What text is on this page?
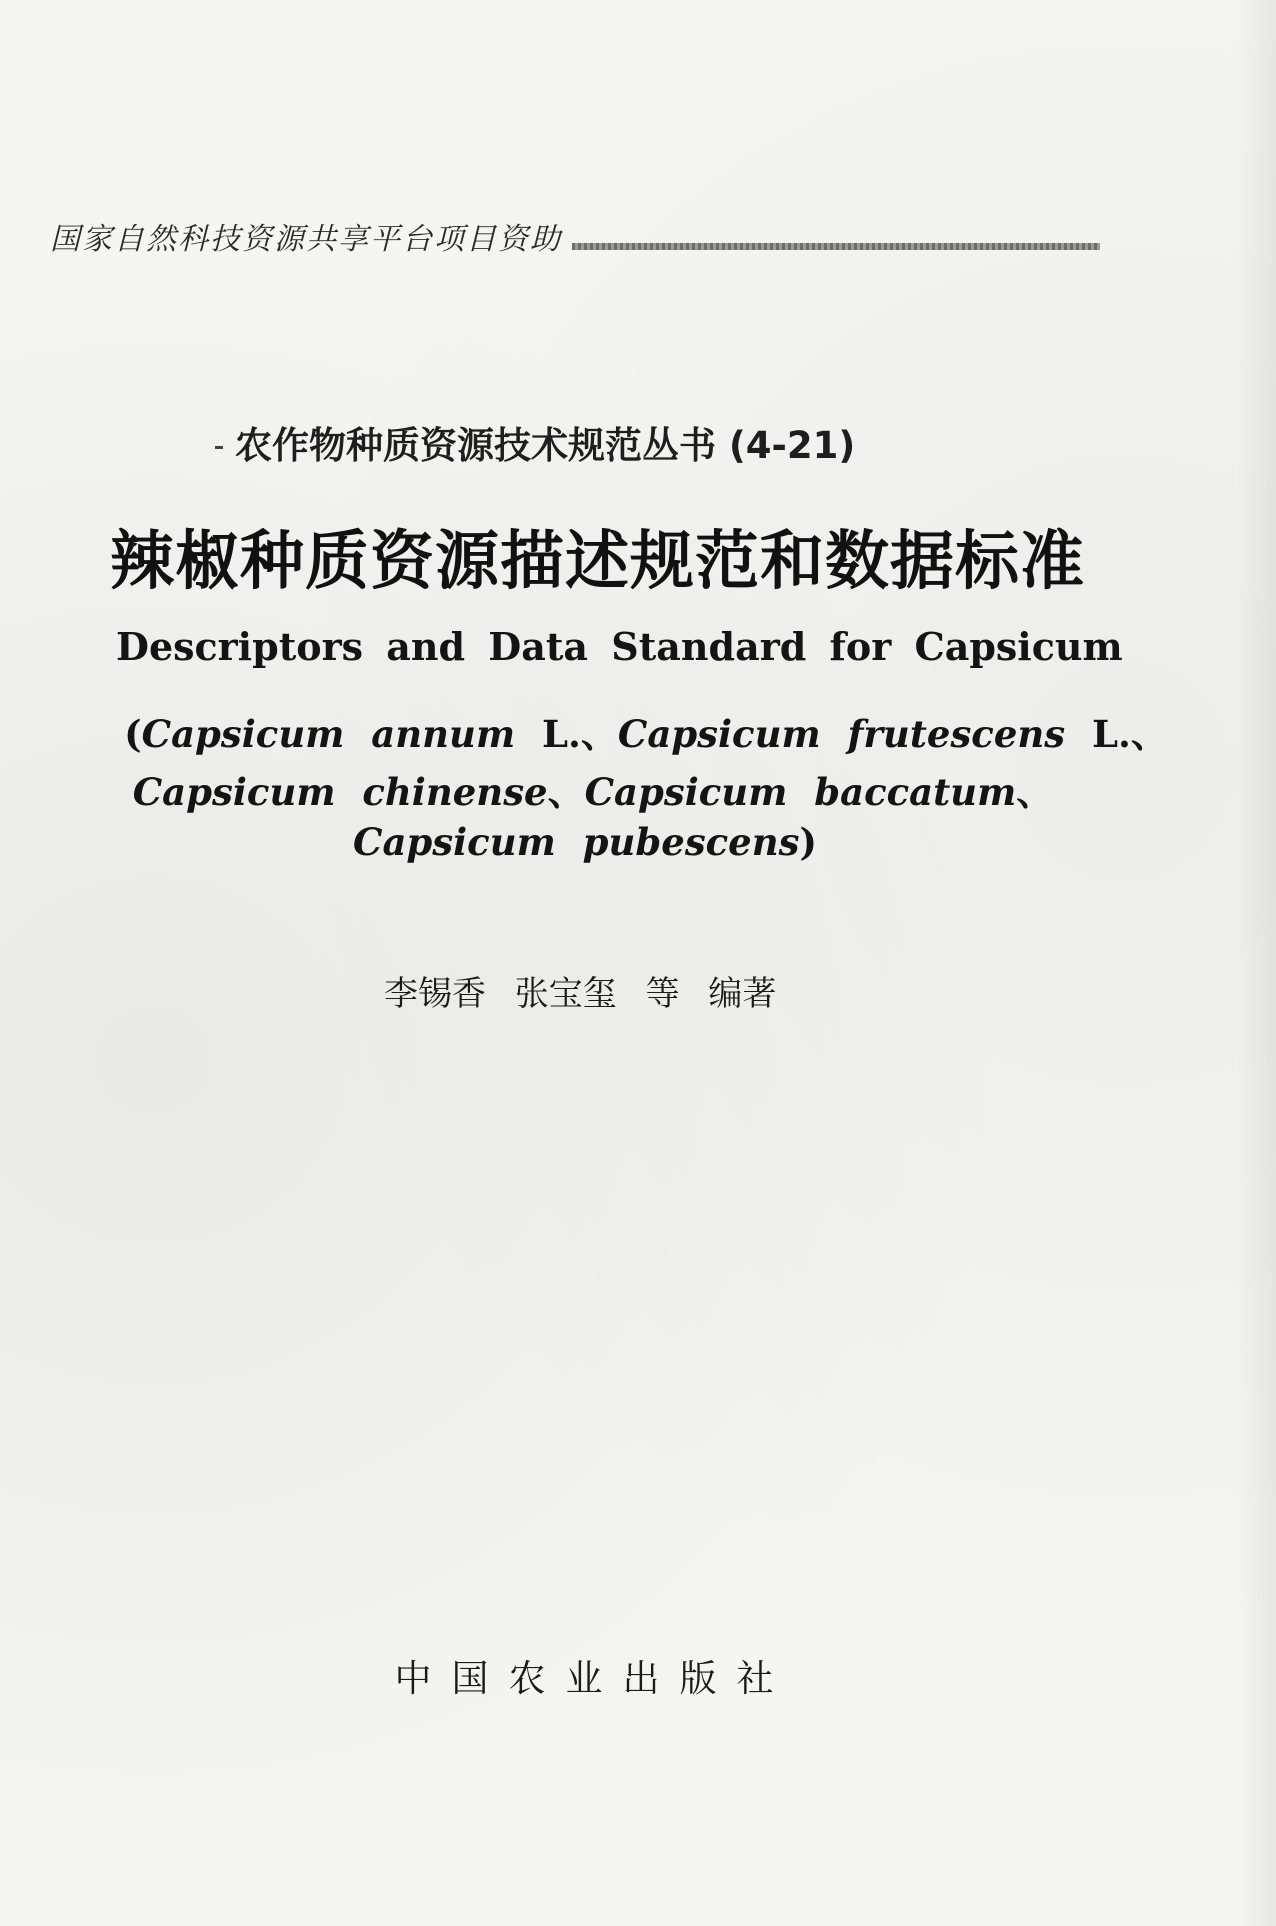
国家自然科技资源共享平台项目资助
农作物种质资源技术规范丛书 (4-21)
辣椒种质资源描述规范和数据标准
Descriptors and Data Standard for Capsicum
(Capsicum annum L.、Capsicum frutescens L.、
Capsicum chinense、Capsicum baccatum、
Capsicum pubescens)
李锡香 张宝玺 等 编著
中国农业出版社
